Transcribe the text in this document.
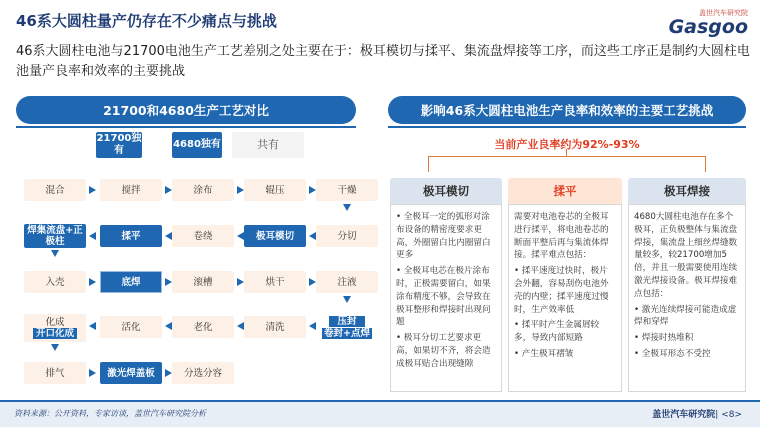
46系大圆柱量产仍存在不少痛点与挑战	盖世汽车研究院
Gasgoo
46系大圆柱电池与21700电池生产工艺差别之处主要在于：极耳模切与揉平、集流盘焊接等工序，而这些工序正是制约大圆柱电池量产良率和效率的主要挑战
21700和4680生产工艺对比
21700独有
4680独有	共有
混合	搅拌	涂布	辊压	干燥
焊集流盘+正极柱	揉平	卷绕	极耳模切	分切
入壳	底焊	滚槽	烘干	注液
化成
开口化成
活化	老化	清洗
压封
卷封+点焊
排气	激光焊盖板	分选分容
影响46系大圆柱电池生产良率和效率的主要工艺挑战
当前产业良率约为92%-93%
极耳模切

• 全极耳一定的弧形对涂布设备的精密度要求更高，外圈留白比内圈留白更多

• 全极耳电芯在极片涂布时，正极需要留白，如果涂布精度不够，会导致在极耳整形和焊接时出现问题

• 极耳分切工艺要求更高，如果切不齐，将会造成极耳贴合出现缝隙

揉平

需要对电池卷芯的全极耳进行揉平，将电池卷芯的断面平整后再与集流体焊接。揉平难点包括：

• 揉平速度过快时，极片会外翻，容易刮伤电池外壳的内壁；揉平速度过慢时，生产效率低

• 揉平时产生金属屑较多，导致内部短路

• 产生极耳褶皱

极耳焊接

4680大圆柱电池存在多个极耳，正负极整体与集流盘焊接，集流盘上细丝焊缝数量较多，较21700增加5倍，并且一般需要使用连续激光焊接设备。极耳焊接难点包括：

• 激光连续焊接可能造成虚焊和穿焊

• 焊接时热堆积

• 全极耳形态不受控

资料来源：公开资料，专家访谈，盖世汽车研究院分析	盖世汽车研究院| <8>
